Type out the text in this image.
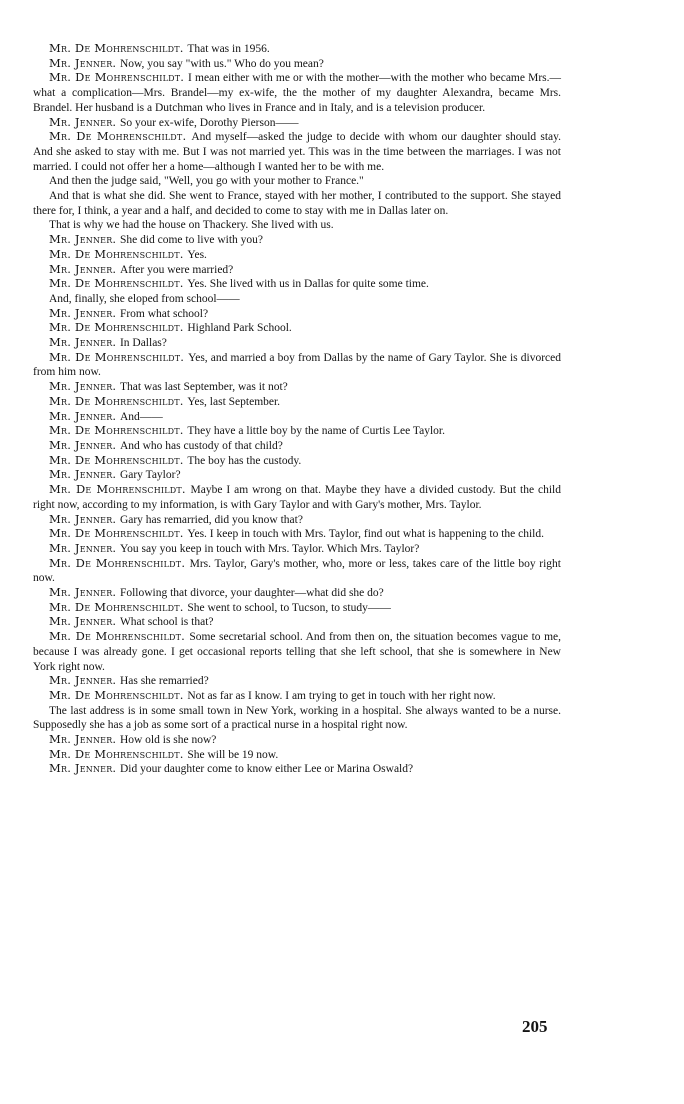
Mr. De Mohrenschildt. That was in 1956.

Mr. Jenner. Now, you say "with us." Who do you mean?

Mr. De Mohrenschildt. I mean either with me or with the mother—with the mother who became Mrs.—what a complication—Mrs. Brandel—my ex-wife, the the mother of my daughter Alexandra, became Mrs. Brandel. Her husband is a Dutchman who lives in France and in Italy, and is a television producer.

Mr. Jenner. So your ex-wife, Dorothy Pierson——

Mr. De Mohrenschildt. And myself—asked the judge to decide with whom our daughter should stay. And she asked to stay with me. But I was not married yet. This was in the time between the marriages. I was not married. I could not offer her a home—although I wanted her to be with me.

And then the judge said, "Well, you go with your mother to France."

And that is what she did. She went to France, stayed with her mother, I contributed to the support. She stayed there for, I think, a year and a half, and decided to come to stay with me in Dallas later on.

That is why we had the house on Thackery. She lived with us.

Mr. Jenner. She did come to live with you?

Mr. De Mohrenschildt. Yes.

Mr. Jenner. After you were married?

Mr. De Mohrenschildt. Yes. She lived with us in Dallas for quite some time.

And, finally, she eloped from school——

Mr. Jenner. From what school?

Mr. De Mohrenschildt. Highland Park School.

Mr. Jenner. In Dallas?

Mr. De Mohrenschildt. Yes, and married a boy from Dallas by the name of Gary Taylor. She is divorced from him now.

Mr. Jenner. That was last September, was it not?

Mr. De Mohrenschildt. Yes, last September.

Mr. Jenner. And——

Mr. De Mohrenschildt. They have a little boy by the name of Curtis Lee Taylor.

Mr. Jenner. And who has custody of that child?

Mr. De Mohrenschildt. The boy has the custody.

Mr. Jenner. Gary Taylor?

Mr. De Mohrenschildt. Maybe I am wrong on that. Maybe they have a divided custody. But the child right now, according to my information, is with Gary Taylor and with Gary's mother, Mrs. Taylor.

Mr. Jenner. Gary has remarried, did you know that?

Mr. De Mohrenschildt. Yes. I keep in touch with Mrs. Taylor, find out what is happening to the child.

Mr. Jenner. You say you keep in touch with Mrs. Taylor. Which Mrs. Taylor?

Mr. De Mohrenschildt. Mrs. Taylor, Gary's mother, who, more or less, takes care of the little boy right now.

Mr. Jenner. Following that divorce, your daughter—what did she do?

Mr. De Mohrenschildt. She went to school, to Tucson, to study——

Mr. Jenner. What school is that?

Mr. De Mohrenschildt. Some secretarial school. And from then on, the situation becomes vague to me, because I was already gone. I get occasional reports telling that she left school, that she is somewhere in New York right now.

Mr. Jenner. Has she remarried?

Mr. De Mohrenschildt. Not as far as I know. I am trying to get in touch with her right now.

The last address is in some small town in New York, working in a hospital. She always wanted to be a nurse. Supposedly she has a job as some sort of a practical nurse in a hospital right now.

Mr. Jenner. How old is she now?

Mr. De Mohrenschildt. She will be 19 now.

Mr. Jenner. Did your daughter come to know either Lee or Marina Oswald?

205
